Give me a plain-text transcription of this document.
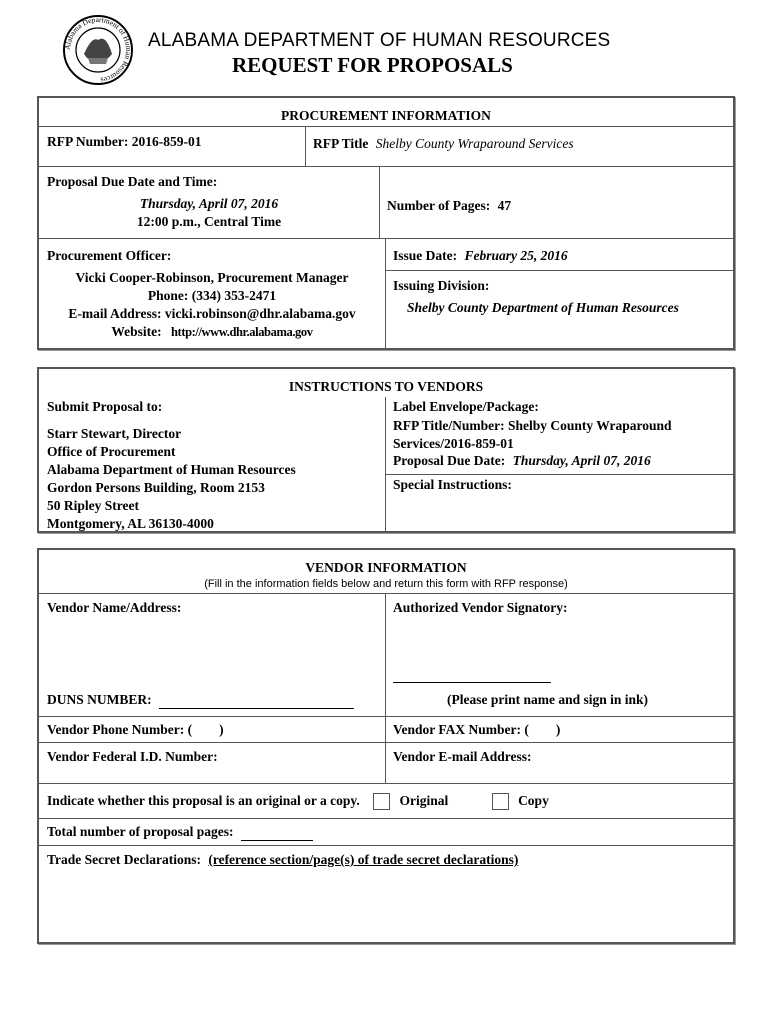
Alabama Department of Human Resources
ALABAMA DEPARTMENT OF HUMAN RESOURCES
REQUEST FOR PROPOSALS
PROCUREMENT INFORMATION
RFP Number: 2016-859-01	RFP Title Shelby County Wraparound Services
Proposal Due Date and Time:
Thursday, April 07, 2016
12:00 p.m., Central Time
Number of Pages: 47
Procurement Officer:
Vicki Cooper-Robinson, Procurement Manager
Phone: (334) 353-2471
E-mail Address: vicki.robinson@dhr.alabama.gov
Website: http://www.dhr.alabama.gov
Issue Date: February 25, 2016
Issuing Division:
Shelby County Department of Human Resources
INSTRUCTIONS TO VENDORS
Submit Proposal to:
Starr Stewart, Director
Office of Procurement
Alabama Department of Human Resources
Gordon Persons Building, Room 2153
50 Ripley Street
Montgomery, AL 36130-4000
Label Envelope/Package:
RFP Title/Number: Shelby County Wraparound Services/2016-859-01
Proposal Due Date: Thursday, April 07, 2016
Special Instructions:
VENDOR INFORMATION
(Fill in the information fields below and return this form with RFP response)
Vendor Name/Address:	Authorized Vendor Signatory:
DUNS NUMBER:	(Please print name and sign in ink)
Vendor Phone Number: (        )	Vendor FAX Number: (        )
Vendor Federal I.D. Number:	Vendor E-mail Address:
Indicate whether this proposal is an original or a copy.	Original	Copy
Total number of proposal pages:
Trade Secret Declarations: (reference section/page(s) of trade secret declarations)
